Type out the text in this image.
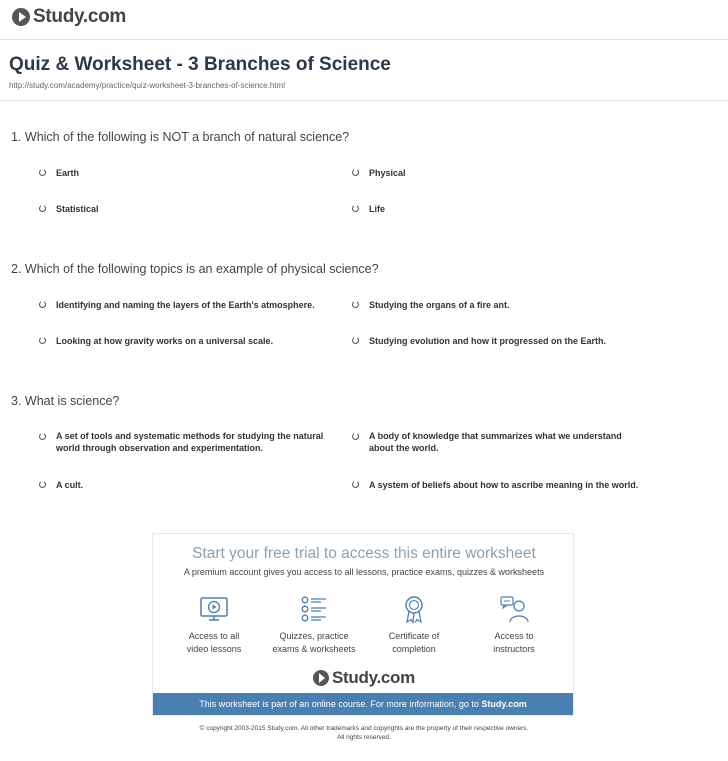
Study.com
Quiz & Worksheet - 3 Branches of Science
http://study.com/academy/practice/quiz-worksheet-3-branches-of-science.html
1. Which of the following is NOT a branch of natural science?
Earth	Physical
Statistical	Life
2. Which of the following topics is an example of physical science?
Identifying and naming the layers of the Earth's atmosphere.	Studying the organs of a fire ant.
Looking at how gravity works on a universal scale.	Studying evolution and how it progressed on the Earth.
3. What is science?
A set of tools and systematic methods for studying the natural world through observation and experimentation.
A body of knowledge that summarizes what we understand about the world.
A cult.	A system of beliefs about how to ascribe meaning in the world.
Start your free trial to access this entire worksheet
A premium account gives you access to all lessons, practice exams, quizzes & worksheets
Access to all
video lessons
Quizzes, practice
exams & worksheets
Certificate of
completion
Access to
instructors
Study.com
This worksheet is part of an online course. For more information, go to Study.com
© copyright 2003-2015 Study.com. All other trademarks and copyrights are the property of their respective owners.
All rights reserved.
